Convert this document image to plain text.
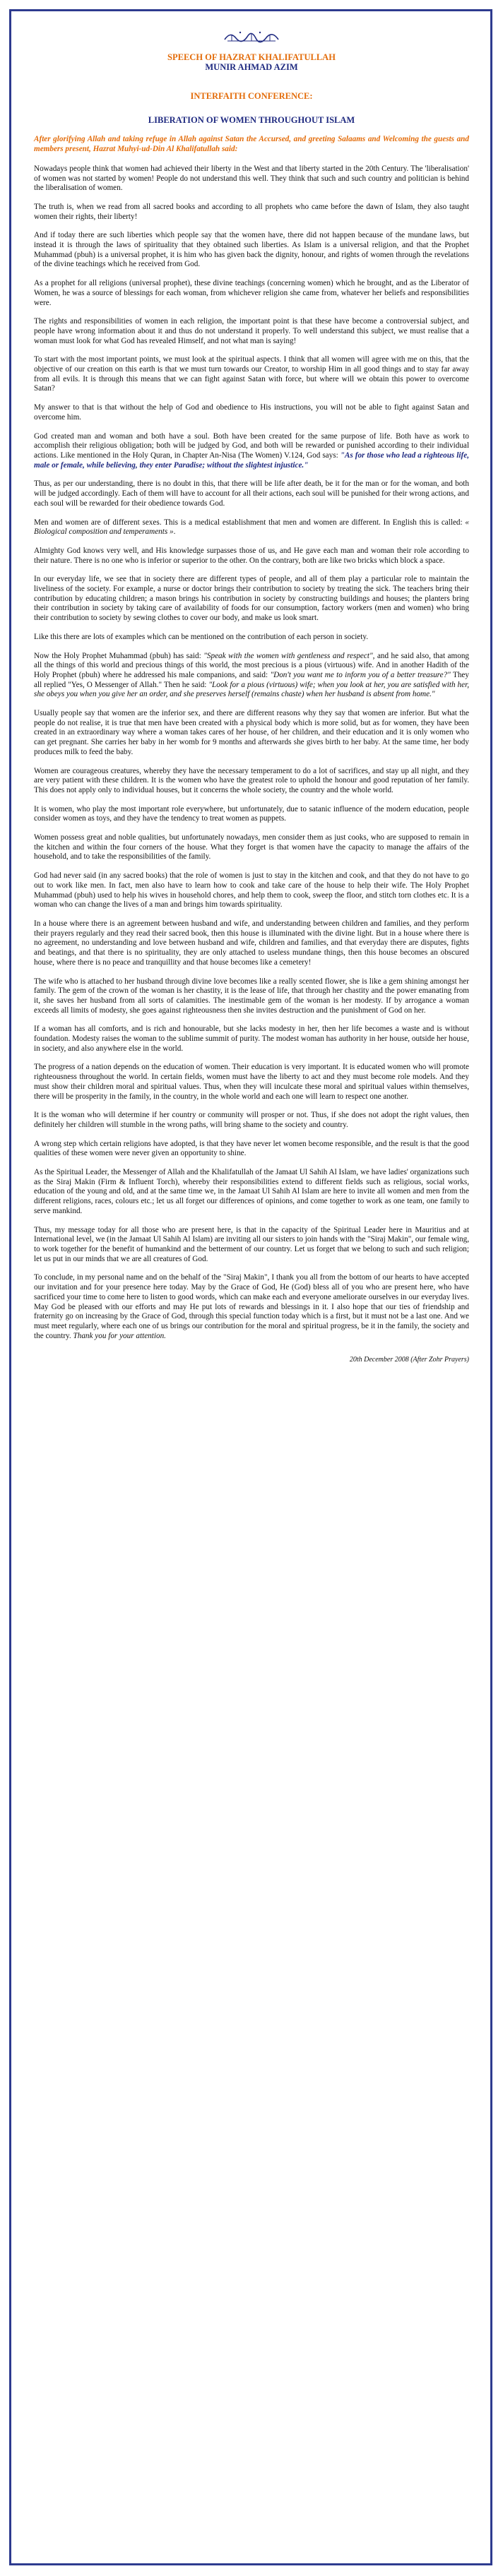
SPEECH OF HAZRAT KHALIFATULLAH
MUNIR AHMAD AZIM
INTERFAITH CONFERENCE:
LIBERATION OF WOMEN THROUGHOUT ISLAM
After glorifying Allah and taking refuge in Allah against Satan the Accursed, and greeting Salaams and Welcoming the guests and members present, Hazrat Muhyi-ud-Din Al Khalifatullah said:

Nowadays people think that women had achieved their liberty in the West and that liberty started in the 20th Century. The 'liberalisation' of women was not started by women! People do not understand this well. They think that such and such country and politician is behind the liberalisation of women.

The truth is, when we read from all sacred books and according to all prophets who came before the dawn of Islam, they also taught women their rights, their liberty!

And if today there are such liberties which people say that the women have, there did not happen because of the mundane laws, but instead it is through the laws of spirituality that they obtained such liberties. As Islam is a universal religion, and that the Prophet Muhammad (pbuh) is a universal prophet, it is him who has given back the dignity, honour, and rights of women through the revelations of the divine teachings which he received from God.

As a prophet for all religions (universal prophet), these divine teachings (concerning women) which he brought, and as the Liberator of Women, he was a source of blessings for each woman, from whichever religion she came from, whatever her beliefs and responsibilities were.

The rights and responsibilities of women in each religion, the important point is that these have become a controversial subject, and people have wrong information about it and thus do not understand it properly. To well understand this subject, we must realise that a woman must look for what God has revealed Himself, and not what man is saying!

To start with the most important points, we must look at the spiritual aspects. I think that all women will agree with me on this, that the objective of our creation on this earth is that we must turn towards our Creator, to worship Him in all good things and to stay far away from all evils. It is through this means that we can fight against Satan with force, but where will we obtain this power to overcome Satan?

My answer to that is that without the help of God and obedience to His instructions, you will not be able to fight against Satan and overcome him.

God created man and woman and both have a soul. Both have been created for the same purpose of life. Both have as work to accomplish their religious obligation; both will be judged by God, and both will be rewarded or punished according to their individual actions. Like mentioned in the Holy Quran, in Chapter An-Nisa (The Women) V.124, God says: "As for those who lead a righteous life, male or female, while believing, they enter Paradise; without the slightest injustice."

Thus, as per our understanding, there is no doubt in this, that there will be life after death, be it for the man or for the woman, and both will be judged accordingly. Each of them will have to account for all their actions, each soul will be punished for their wrong actions, and each soul will be rewarded for their obedience towards God.

Men and women are of different sexes. This is a medical establishment that men and women are different. In English this is called: « Biological composition and temperaments ».

Almighty God knows very well, and His knowledge surpasses those of us, and He gave each man and woman their role according to their nature. There is no one who is inferior or superior to the other. On the contrary, both are like two bricks which block a space.

In our everyday life, we see that in society there are different types of people, and all of them play a particular role to maintain the liveliness of the society. For example, a nurse or doctor brings their contribution to society by treating the sick. The teachers bring their contribution by educating children; a mason brings his contribution in society by constructing buildings and houses; the planters bring their contribution in society by taking care of availability of foods for our consumption, factory workers (men and women) who bring their contribution to society by sewing clothes to cover our body, and make us look smart.

Like this there are lots of examples which can be mentioned on the contribution of each person in society.

Now the Holy Prophet Muhammad (pbuh) has said: "Speak with the women with gentleness and respect", and he said also, that among all the things of this world and precious things of this world, the most precious is a pious (virtuous) wife. And in another Hadith of the Holy Prophet (pbuh) where he addressed his male companions, and said: "Don't you want me to inform you of a better treasure?" They all replied "Yes, O Messenger of Allah." Then he said: "Look for a pious (virtuous) wife; when you look at her, you are satisfied with her, she obeys you when you give her an order, and she preserves herself (remains chaste) when her husband is absent from home."

Usually people say that women are the inferior sex, and there are different reasons why they say that women are inferior. But what the people do not realise, it is true that men have been created with a physical body which is more solid, but as for women, they have been created in an extraordinary way where a woman takes cares of her house, of her children, and their education and it is only women who can get pregnant. She carries her baby in her womb for 9 months and afterwards she gives birth to her baby. At the same time, her body produces milk to feed the baby.

Women are courageous creatures, whereby they have the necessary temperament to do a lot of sacrifices, and stay up all night, and they are very patient with these children. It is the women who have the greatest role to uphold the honour and good reputation of her family. This does not apply only to individual houses, but it concerns the whole society, the country and the whole world.

It is women, who play the most important role everywhere, but unfortunately, due to satanic influence of the modern education, people consider women as toys, and they have the tendency to treat women as puppets.

Women possess great and noble qualities, but unfortunately nowadays, men consider them as just cooks, who are supposed to remain in the kitchen and within the four corners of the house. What they forget is that women have the capacity to manage the affairs of the household, and to take the responsibilities of the family.

God had never said (in any sacred books) that the role of women is just to stay in the kitchen and cook, and that they do not have to go out to work like men. In fact, men also have to learn how to cook and take care of the house to help their wife. The Holy Prophet Muhammad (pbuh) used to help his wives in household chores, and help them to cook, sweep the floor, and stitch torn clothes etc. It is a woman who can change the lives of a man and brings him towards spirituality.

In a house where there is an agreement between husband and wife, and understanding between children and families, and they perform their prayers regularly and they read their sacred book, then this house is illuminated with the divine light. But in a house where there is no agreement, no understanding and love between husband and wife, children and families, and that everyday there are disputes, fights and beatings, and that there is no spirituality, they are only attached to useless mundane things, then this house becomes an obscured house, where there is no peace and tranquillity and that house becomes like a cemetery!

The wife who is attached to her husband through divine love becomes like a really scented flower, she is like a gem shining amongst her family. The gem of the crown of the woman is her chastity, it is the lease of life, that through her chastity and the power emanating from it, she saves her husband from all sorts of calamities. The inestimable gem of the woman is her modesty. If by arrogance a woman exceeds all limits of modesty, she goes against righteousness then she invites destruction and the punishment of God on her.

If a woman has all comforts, and is rich and honourable, but she lacks modesty in her, then her life becomes a waste and is without foundation. Modesty raises the woman to the sublime summit of purity. The modest woman has authority in her house, outside her house, in society, and also anywhere else in the world.

The progress of a nation depends on the education of women. Their education is very important. It is educated women who will promote righteousness throughout the world. In certain fields, women must have the liberty to act and they must become role models. And they must show their children moral and spiritual values. Thus, when they will inculcate these moral and spiritual values within themselves, there will be prosperity in the family, in the country, in the whole world and each one will learn to respect one another.

It is the woman who will determine if her country or community will prosper or not. Thus, if she does not adopt the right values, then definitely her children will stumble in the wrong paths, will bring shame to the society and country.

A wrong step which certain religions have adopted, is that they have never let women become responsible, and the result is that the good qualities of these women were never given an opportunity to shine.

As the Spiritual Leader, the Messenger of Allah and the Khalifatullah of the Jamaat Ul Sahih Al Islam, we have ladies' organizations such as the Siraj Makin (Firm & Influent Torch), whereby their responsibilities extend to different fields such as religious, social works, education of the young and old, and at the same time we, in the Jamaat Ul Sahih Al Islam are here to invite all women and men from the different religions, races, colours etc.; let us all forget our differences of opinions, and come together to work as one team, one family to serve mankind.

Thus, my message today for all those who are present here, is that in the capacity of the Spiritual Leader here in Mauritius and at International level, we (in the Jamaat Ul Sahih Al Islam) are inviting all our sisters to join hands with the "Siraj Makin", our female wing, to work together for the benefit of humankind and the betterment of our country. Let us forget that we belong to such and such religion; let us put in our minds that we are all creatures of God.

To conclude, in my personal name and on the behalf of the "Siraj Makin", I thank you all from the bottom of our hearts to have accepted our invitation and for your presence here today. May by the Grace of God, He (God) bless all of you who are present here, who have sacrificed your time to come here to listen to good words, which can make each and everyone ameliorate ourselves in our everyday lives. May God be pleased with our efforts and may He put lots of rewards and blessings in it. I also hope that our ties of friendship and fraternity go on increasing by the Grace of God, through this special function today which is a first, but it must not be a last one. And we must meet regularly, where each one of us brings our contribution for the moral and spiritual progress, be it in the family, the society and the country. Thank you for your attention.

20th December 2008 (After Zohr Prayers)
